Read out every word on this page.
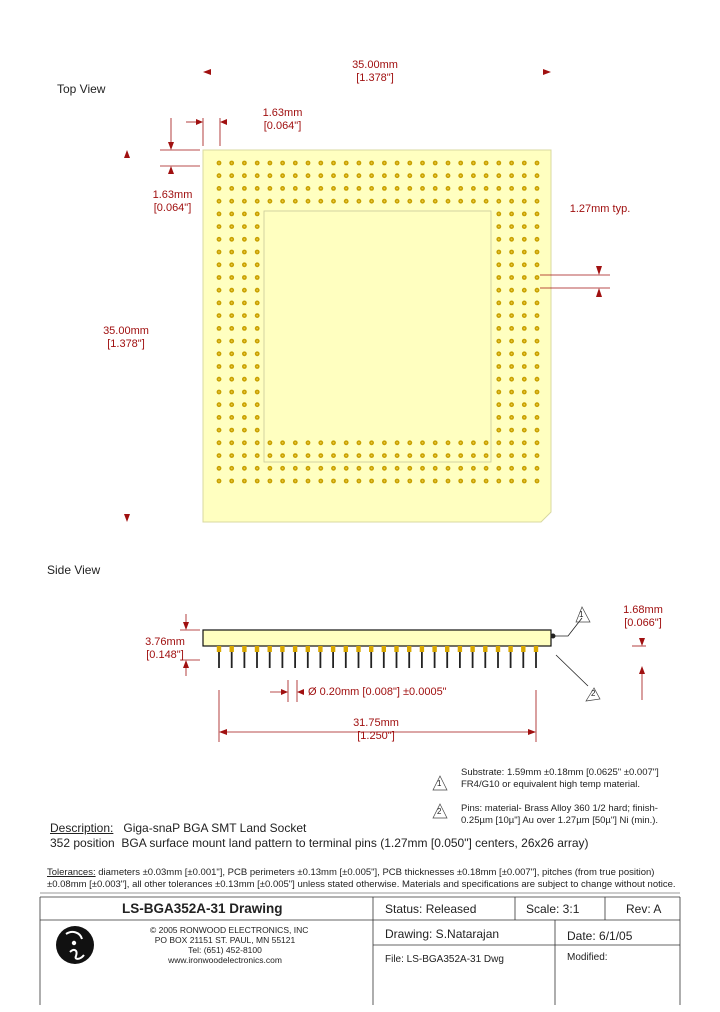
Top View
35.00mm
[1.378"]
1.63mm
[0.064"]
1.63mm
[0.064"]	1.27mm typ.
35.00mm
[1.378"]
Side View
3.76mm
[0.148"]
1.68mm
[0.066"]
Ø 0.20mm [0.008"] ±0.0005"
31.75mm
[1.250"]
1
2
1
2
Substrate: 1.59mm ±0.18mm [0.0625" ±0.007"]
FR4/G10 or equivalent high temp material.
Pins: material- Brass Alloy 360 1/2 hard; finish-
0.25µm [10µ"] Au over 1.27µm [50µ"] Ni (min.).
Description: Giga-snaP BGA SMT Land Socket
352 position BGA surface mount land pattern to terminal pins (1.27mm [0.050"] centers, 26x26 array)
Tolerances: diameters ±0.03mm [±0.001"], PCB perimeters ±0.13mm [±0.005"], PCB thicknesses ±0.18mm [±0.007"], pitches (from true position)
±0.08mm [±0.003"], all other tolerances ±0.13mm [±0.005"] unless stated otherwise. Materials and specifications are subject to change without notice.
LS-BGA352A-31 Drawing
© 2005 RONWOOD ELECTRONICS, INC
PO BOX 21151 ST. PAUL, MN 55121
Tel: (651) 452-8100
www.ironwoodelectronics.com
Status: Released	Scale: 3:1	Rev: A
Drawing: S.Natarajan	Date: 6/1/05
File: LS-BGA352A-31 Dwg	Modified:
